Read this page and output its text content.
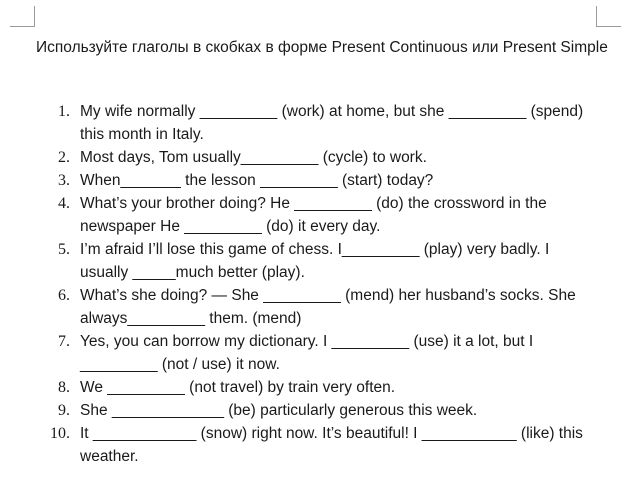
Используйте глаголы в скобках в форме Present Continuous или Present Simple

1. My wife normally _________ (work) at home, but she _________ (spend) this month in Italy.
2. Most days, Tom usually_________ (cycle) to work.
3. When_______ the lesson _________ (start) today?
4. What’s your brother doing? He _________ (do) the crossword in the newspaper He _________ (do) it every day.
5. I’m afraid I’ll lose this game of chess. I_________ (play) very badly. I usually _____much better (play).
6. What’s she doing? — She _________ (mend) her husband’s socks. She always_________ them. (mend)
7. Yes, you can borrow my dictionary. I _________ (use) it a lot, but I _________ (not / use) it now.
8. We _________ (not travel) by train very often.
9. She _____________ (be) particularly generous this week.
10. It ____________ (snow) right now. It’s beautiful! I ___________ (like) this weather.
